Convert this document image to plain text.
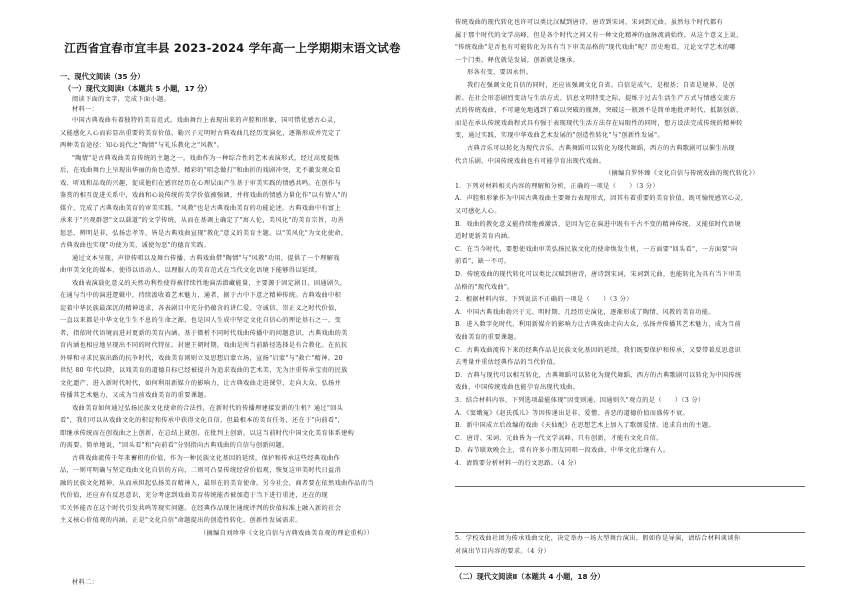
江西省宜春市宜丰县 2023-2024 学年高一上学期期末语文试卷
一、现代文阅读（35 分）
（一）现代文阅读Ⅰ（本题共 5 小题，17 分）
阅读下面的文字，完成下面小题。
材料一：
中国古典戏曲有着独特的美育范式。戏曲舞台上表现出来的声腔和形象，国可惜优感古心灵，
又能感化人心而彩显出重要的美育价值。勒兴子元明时古典戏曲几经历变演化，逐渐形成并完定了
两种美育途径：知心说代之"陶情"与礼乐教化之"风教"。
"陶情"是古典戏曲美育传统的主题之一。戏曲作为一种综合性的艺术表演形式，经过高度提炼
后，在戏曲舞台上呈现出华丽的角色造型、精彩的"唱念做打"和曲折的戏剧冲突，无不激发观众看
戏、听戏和品戏的兴趣，促成他们在感官经历在心理层面产生基于审美实践的情感共鸣。在创作与
鉴赏的相互促进关系中，戏曲和心说传统的美学价值被强调，并将戏曲的情感力量化作"以有情人"的
媒介，完成了古典戏曲美育的审美实践。"风教"也是古典戏曲美育的功能论述。古典戏曲中有富上
承来于"兴观群怨"文以载道"的文学传统，从而在基调上确定了"寓人伦，美风化"的美育宗旨，功善
惩恶、辨明是非，弘扬忠孝等，皆是古典戏曲宣现"教化"意义的美育主题。以"美风化"为文化使命，
古典戏曲也实现"功使为美，诚使勿恶"的德育实践。
通过文本呈现，声律传唱以及舞台传播，古典戏曲借"陶情"与"风教"功用，提供了一个理解戏
曲审美文化的媒本，使得以语动人、以理服人的美育范式在当代文化语境下能够得以延续。
戏曲表演载化意义的天然功利性使得被持续性地演活潜藏能量，主要源于固定剧目、固通剧久，
在通与当中的演进逻辑中，持续汲收着艺术魅力，通者，据于古中下意之精神传统。古典戏曲中积
淀着中华民族最深沉的精神追求，各表剧目中充分仍蕴含的讲仁爱、守诚信、崇正义之时代价值，
一直以来都是中华文化生生不息的生命之源，也是国人生成中坚定文化自信心的理论基石之一，变
者，指依时代语境而进对更新的美育内涵。基于微析不同时代戏曲传播中的问题意识，古典戏曲的美
育内涵也相应地呈现出不同的时代特征。封建王朝时期，戏曲是所当前路径选择是有合教化。在抗抗
外辱和寻求民族出路的抗争时代，戏曲美育则则立及思想启蒙立场，宣扬"启蒙"与"救亡"精神。20
世纪 80 年代以降，以戏美育的道德自标已经被提升为追求戏曲的艺术美，无为注重传承宝贵的民族
文化遗产，进入新时代时代，如何利用新媒介的影响力，让古典戏曲走进课堂、走向大众，弘扬并
传播其艺术魅力，又成为当前戏曲美育的重要课题。
戏曲美育如何通过弘扬民族文化使命的合法性，在新时代的传播理建接发新的生机？通过"回头
看"，我们可以从戏曲文化的积淀和传承中获得文化自信，但最根本的美育任务，还在于"向前看"，
即继承传统而在创戏曲之上创新，在总结上就创，在批判上创新，以这当前时代中国文化美育体系建构
的需要。简单地说，"回头看"和"向前看"分别指向古典戏曲的自信与创新问题。
古典戏曲流传千年来蓄积的价值，作为一种民族文化基因的延续，保护和传承这些经典戏曲作
品，一则可明确与坚定戏曲文化自信的方向，二则可凸显传统经营价值观，恢复这审美时代日益消
融的民族文化精神，从而承担起弘扬美育精神人，最形在的美育使命。另今社会，商者要在依然戏曲作品的当
代价值，还应弃有反思意识，充分考虑到戏曲美育传统能否被加造于当下进行重述，还在的现
实关怀能否在这个时代引发共鸣等现实问题。在经典作品现住通统评判的价值标准上融入新的社会
主义核心价值观的内涵，正是"文化自信"命题提出的创造性转化、创新性发展需求。
（摘编自刘珍华《文化自信与古典戏曲美育观的理论重构》）
材料二：
传统戏曲的现代转化也许可以类比汉赋到唐诗，唐诗到宋词，宋词到元曲，虽然每个时代都有
属于那个时代的文学高峰，但是各个时代之间又有一种文化精神的血脉流淌始终。从这个意义上说，
"传统戏曲"是否也有可能转化为具有当下审美品格的"现代戏曲"呢？历史地看，元论文学艺术的哪
一个门类，释优就是发展，创新就是继承。
形各有变，要因永恒。
我们在强调文化自信的同时，还应该强调文化自省。自信是成气、是根基；自省是境界、是创
新。在社会形态剧烈变动与生活方式、信息文明特变之际，提炼于过去生活生产方式与情感交流方
式的传统戏曲，不可避免地遇到了难以突破的瓶颈，突破这一瓶颈不是简单地批评时代、抵制创新，
而是在承认传统戏曲程式具有强于表现现代生活方法存在局限性的同时，想方设法完成传统的精神转
变，通过实践，实现中华戏曲艺术发展的"创造性转化"与"创新性发展"。
古典音乐可以转化为现代音乐，古典舞蹈可以转化为现代舞蹈，西方的古典歌剧可以催生出现
代音乐剧，中国传统戏曲也有可能孕育出现代戏曲。
（摘编自罗怀臻《文化自信与传统戏曲的现代转化》）
1．下列对材料相关内容的理解和分析，正确的一项是（　　）（3 分）
A．声腔和形象作为中国古典戏曲主要舞台表现形式，因其有着重要的美育价值，既可愉悦感官心灵，
又可感化人心。
B．戏曲的教化意义能持续地被激活，是因为它在演进中既有千古不变的精神传统，又能依时代语境
适时更新美育内涵。
C．在当今时代，要想使戏曲审美弘扬民族文化的使命焕发生机，一方面要"回头看"，一方面要"向
前看"，缺一不可。
D．传统戏曲的现代转化可以类比汉赋到唐诗，唐诗到宋词，宋词到元曲，也能转化为具有当下审美
品格的"现代戏曲"。
2．根据材料内容，下列说法不正确的一项是（　　）（3 分）
A．中国古典戏曲勃兴于元、明时期，几经历史演化，逐渐形成了陶情、风教的美育功能。
B．进入数字化时代，利用新媒介的影响力让古典戏曲走向大众，弘扬并传播其艺术魅力，成为当前
戏曲美育的重要课题。
C．古典戏曲流传下来的经典作品是民族文化基因的延续，我们既要保护和传承，又要带着反思意识
去考量并重估经典作品的当代价值。
D．古典与现代可以相互转化，古典舞蹈可以转化为现代舞蹈，西方的古典歌剧可以转化为中国传统
戏曲，中国传统戏曲也能孕育出现代戏曲。
3．结合材料内容，下列选项最能体现"因变则通、因通则久"观点的是（　　）（3 分）
A．《窦娥冤》《赵氏孤儿》等因传递出是非、爱憎、善恶的道德价值而盛传不衰。
B．新中国成立后改编的戏曲《天仙配》在思想艺术上加入了歌颂爱情、追求自由的主题。
C．唐诗、宋词、元曲皆为一代文学高峰，只有创新，才能有文化自信。
D．春节联欢晚会上，常有许多小朋友同唱一段戏曲，中华文化后继有人。
4．请简要分析材料一的行文思路。（4 分）
5．学校戏曲社团为传承戏曲文化，决定举办一场大型舞台演出。假如你是导演，请结合材料谈谈你
对演出节目内容的要求。（4 分）
（二）现代文阅读Ⅱ（本题共 4 小题，18 分）
